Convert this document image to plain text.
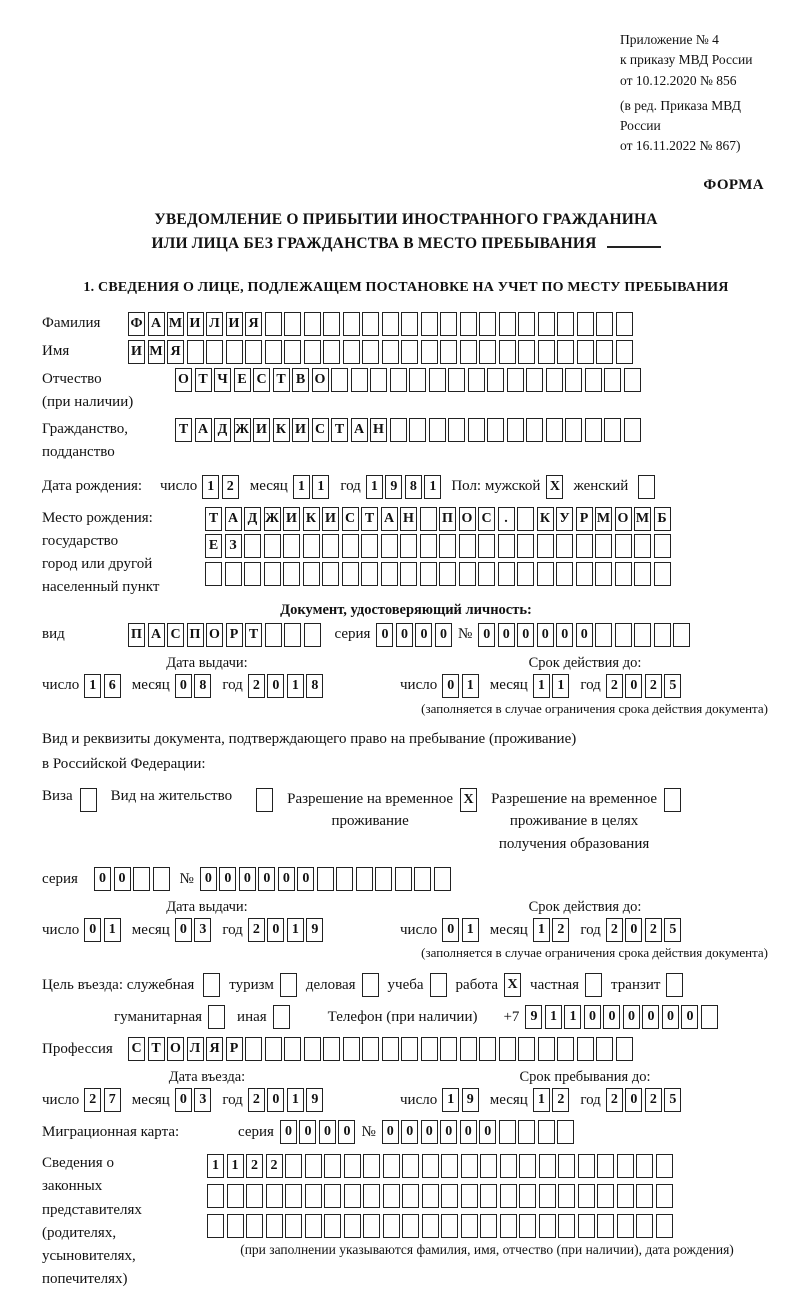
Приложение № 4
к приказу МВД России
от 10.12.2020 № 856
(в ред. Приказа МВД России
от 16.11.2022 № 867)
ФОРМА
УВЕДОМЛЕНИЕ О ПРИБЫТИИ ИНОСТРАННОГО ГРАЖДАНИНА
ИЛИ ЛИЦА БЕЗ ГРАЖДАНСТВА В МЕСТО ПРЕБЫВАНИЯ
1. СВЕДЕНИЯ О ЛИЦЕ, ПОДЛЕЖАЩЕМ ПОСТАНОВКЕ НА УЧЕТ ПО МЕСТУ ПРЕБЫВАНИЯ
Фамилия	Ф А М И Л И Я
Имя	И М Я
Отчество
(при наличии)
О Т Ч Е С Т В О
Гражданство,
подданство
Т А Д Ж И К И С Т А Н
Дата рождения:	число 1 2	месяц 1 1	год 1 9 8 1	Пол: мужской X женский
Место рождения:
государство
город или другой
населенный пункт
Т А Д Ж И К И С Т А Н П О С .	К У Р М О М Б
Е З
Документ, удостоверяющий личность:
вид	П А С П О Р Т	серия 0 0 0 0 № 0 0 0 0 0 0
Дата выдачи:
число 1 6	месяц 0 8	год 2 0 1 8
Срок действия до:
число 0 1	месяц 1 1	год 2 0 2 5
(заполняется в случае ограничения срока действия документа)
Вид и реквизиты документа, подтверждающего право на пребывание (проживание)
в Российской Федерации:
Виза	Вид на жительство	Разрешение на временное
проживание
X Разрешение на временное
проживание в целях
получения образования
серия	0 0	№ 0 0 0 0 0 0
Дата выдачи:
число 0 1	месяц 0 3	год 2 0 1 9
Срок действия до:
число 0 1	месяц 1 2	год 2 0 2 5
(заполняется в случае ограничения срока действия документа)
Цель въезда: служебная туризм деловая учеба работа X частная транзит
гуманитарная иная	Телефон (при наличии) +7 9 1 1 0 0 0 0 0 0
Профессия	С Т О Л Я Р
Дата въезда:
число 2 7	месяц 0 3	год 2 0 1 9
Срок пребывания до:
число 1 9	месяц 1 2	год 2 0 2 5
Миграционная карта:	серия 0 0 0 0 № 0 0 0 0 0 0
Сведения о
законных
представителях
(родителях,
усыновителях,
попечителях)
1 1 2 2
(при заполнении указываются фамилия, имя, отчество (при наличии), дата рождения)
